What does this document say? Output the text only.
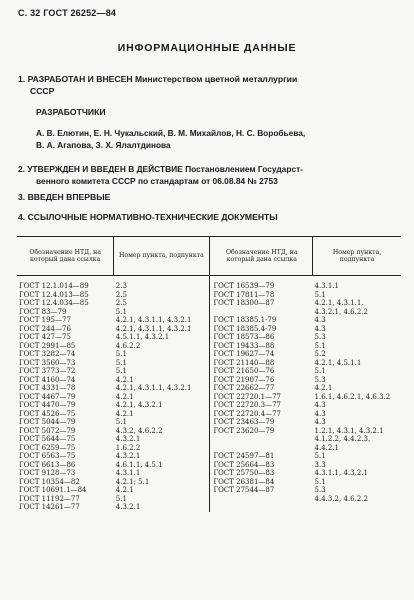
С. 32 ГОСТ 26252—84
ИНФОРМАЦИОННЫЕ ДАННЫЕ
1. РАЗРАБОТАН И ВНЕСЕН Министерством цветной металлургии
СССР
РАЗРАБОТЧИКИ
А. В. Елютин, Е. Н. Чукальский, В. М. Михайлов, Н. С. Воробьева,
В. А. Агапова, З. Х. Ялалтдинова
2. УТВЕРЖДЕН И ВВЕДЕН В ДЕЙСТВИЕ Постановлением Государст-
венного комитета СССР по стандартам от 06.08.84 № 2753
3. ВВЕДЕН ВПЕРВЫЕ
4. ССЫЛОЧНЫЕ НОРМАТИВНО-ТЕХНИЧЕСКИЕ ДОКУМЕНТЫ
Обозначение НТД, на который дана ссылка	Номер пункта, подпункта	Обозначение НТД, на который дана ссылка	Номер пункта, подпункта

ГОСТ 12.1.014—89	2.3	ГОСТ 16539—79	4.3.1.1
ГОСТ 12.4.013—85	2.5	ГОСТ 17811—78	5.1
ГОСТ 12.4.034—85	2.5	ГОСТ 18300—87	4.2.1, 4.3.1.1,
ГОСТ 83—79	5.1		4.3.2.1, 4.6.2.2
ГОСТ 195—77	4.2.1, 4.3.1.1, 4.3.2.1	ГОСТ 18385.1-79	4.3
ГОСТ 244—76	4.2.1, 4.3.1.1, 4.3.2.1	ГОСТ 18385.4-79	4.3
ГОСТ 427—75	4.5.1.1, 4.3.2.1	ГОСТ 18573—86	5.3
ГОСТ 2991—85	4.6.2.2	ГОСТ 19433—88	5.1
ГОСТ 3282—74	5.1	ГОСТ 19627—74	5.2
ГОСТ 3560—73	5.1	ГОСТ 21140—88	4.2.1, 4.5.1.1
ГОСТ 3773—72	5.1	ГОСТ 21650—76	5.1
ГОСТ 4160—74	4.2.1	ГОСТ 21907—76	5.3
ГОСТ 4331—78	4.2.1, 4.3.1.1, 4.3.2.1	ГОСТ 22662—77	4.2.1
ГОСТ 4467—79	4.2.1	ГОСТ 22720.1—77	1.6.1, 4.6.2.1, 4.6.3.2
ГОСТ 4470—79	4.2.1, 4.3.2.1	ГОСТ 22720.3—77	4.3
ГОСТ 4526—75	4.2.1	ГОСТ 22720.4—77	4.3
ГОСТ 5044—79	5.1	ГОСТ 23463—79	4.3
ГОСТ 5072—79	4.3.2, 4.6.2.2	ГОСТ 23620—79	1.2.1, 4.3.1, 4.3.2.1
ГОСТ 5644—75	4.3.2.1		4.1.2.2, 4.4.2.3,
ГОСТ 6259—75	1.6.2.2		4.4.2.1
ГОСТ 6563—75	4.3.2.1	ГОСТ 24597—81	5.1
ГОСТ 6613—86	4.6.1.1, 4.5.1	ГОСТ 25664—83	3.3
ГОСТ 9128—73	4.3.1.1	ГОСТ 25750—83	4.3.1.1, 4.3.2.1
ГОСТ 10354—82	4.2.1; 5.1	ГОСТ 26381—84	5.1
ГОСТ 10691.1—84	4.2.1	ГОСТ 27544—87	5.3
ГОСТ 11192—77	5.1		4.4.3.2, 4.6.2.2
ГОСТ 14261—77	4.3.2.1		
